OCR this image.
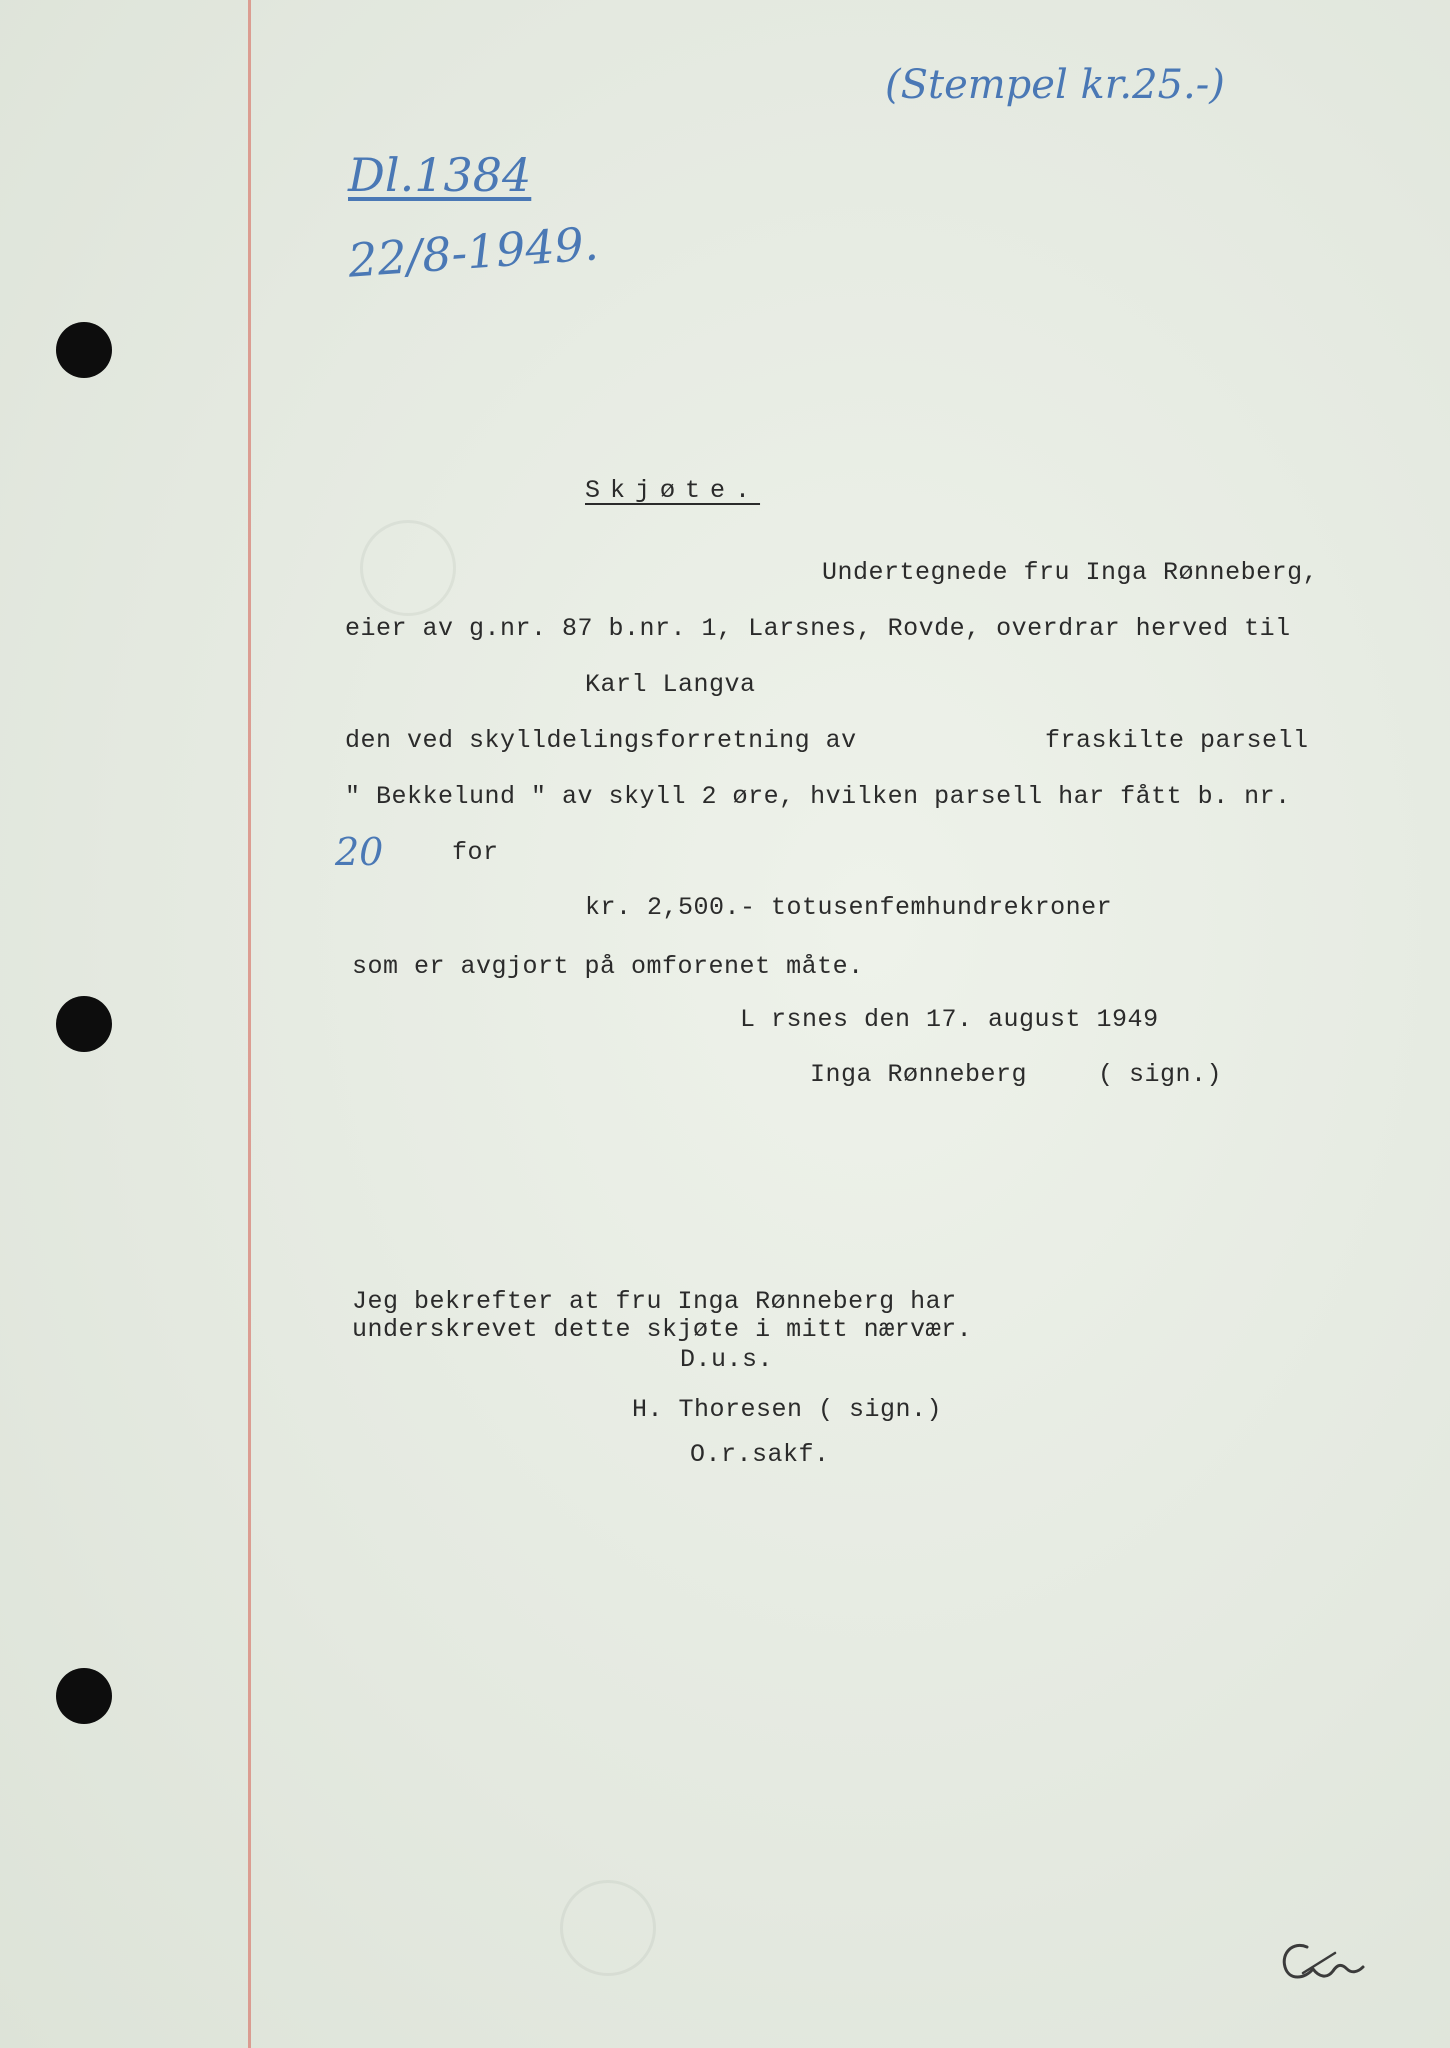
Dl.1384
22/8-1949.
(Stempel kr.25.-)
Skjøte.
Undertegnede fru Inga Rønneberg,
eier av g.nr. 87 b.nr. 1, Larsnes, Rovde, overdrar herved til
Karl Langva
den ved skylldelingsforretning av	fraskilte parsell
" Bekkelund " av skyll 2 øre, hvilken parsell har fått b. nr.
20	for
kr. 2,500.- totusenfemhundrekroner
som er avgjort på omforenet måte.
L rsnes den 17. august 1949
Inga Rønneberg	( sign.)
Jeg bekrefter at fru Inga Rønneberg har
underskrevet dette skjøte i mitt nærvær.
D.u.s.
H. Thoresen ( sign.)
O.r.sakf.
